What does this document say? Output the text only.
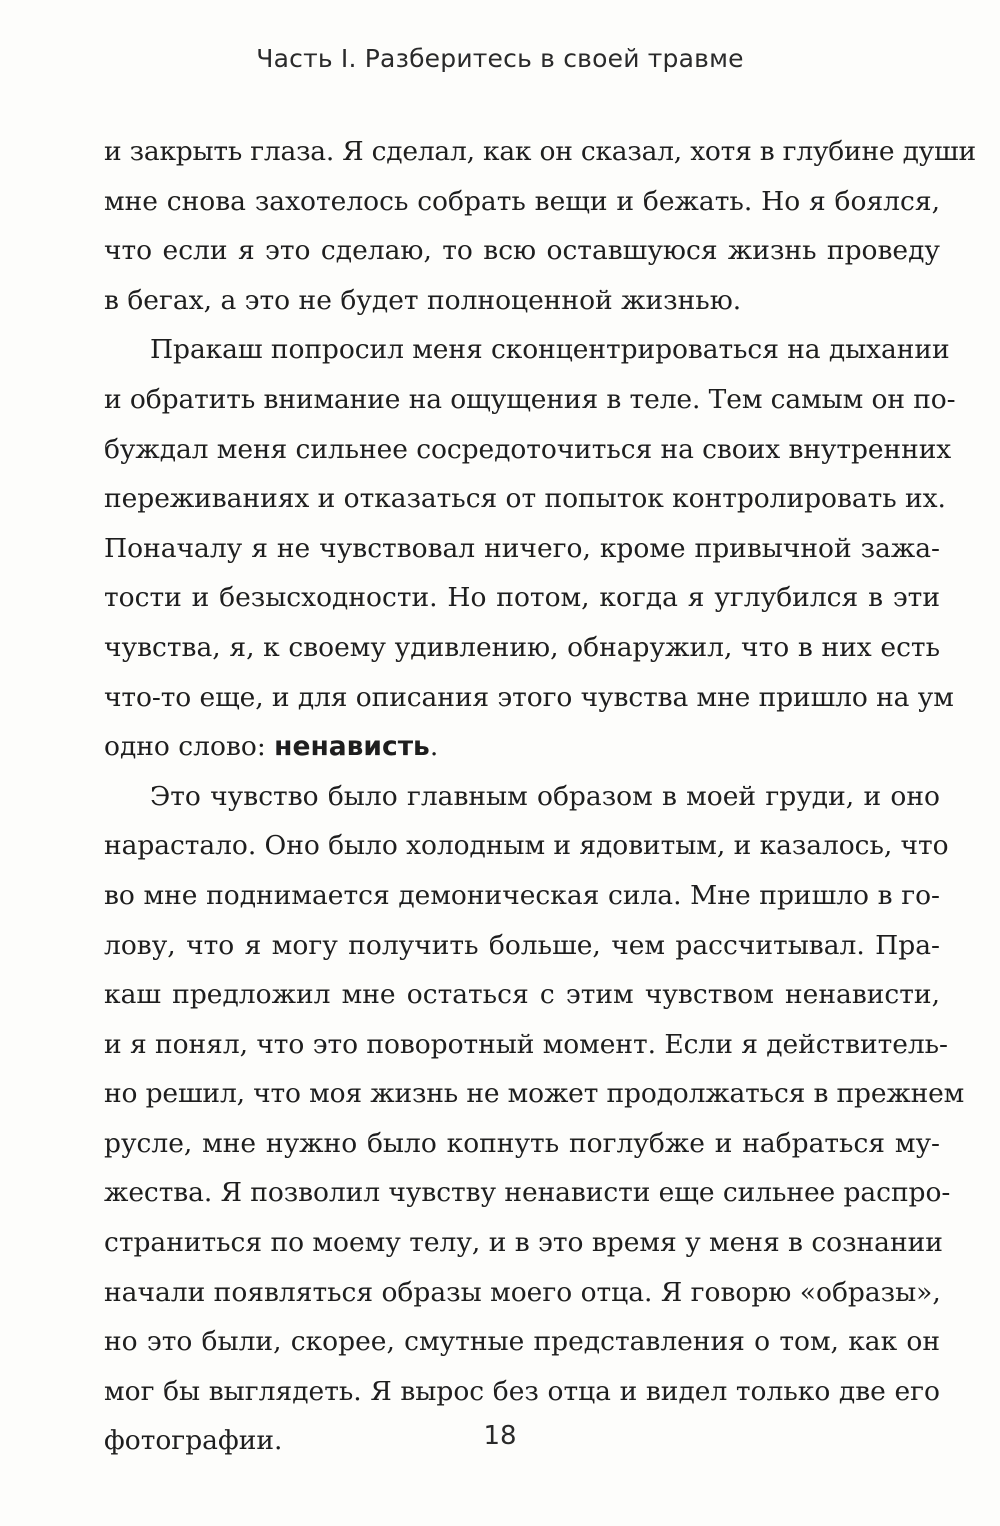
Часть I. Разберитесь в своей травме
и закрыть глаза. Я сделал, как он сказал, хотя в глубине души
мне снова захотелось собрать вещи и бежать. Но я боялся,
что если я это сделаю, то всю оставшуюся жизнь проведу
в бегах, а это не будет полноценной жизнью.
Пракаш попросил меня сконцентрироваться на дыхании
и обратить внимание на ощущения в теле. Тем самым он по-
буждал меня сильнее сосредоточиться на своих внутренних
переживаниях и отказаться от попыток контролировать их.
Поначалу я не чувствовал ничего, кроме привычной зажа-
тости и безысходности. Но потом, когда я углубился в эти
чувства, я, к своему удивлению, обнаружил, что в них есть
что-то еще, и для описания этого чувства мне пришло на ум
одно слово: ненависть.
Это чувство было главным образом в моей груди, и оно
нарастало. Оно было холодным и ядовитым, и казалось, что
во мне поднимается демоническая сила. Мне пришло в го-
лову, что я могу получить больше, чем рассчитывал. Пра-
каш предложил мне остаться с этим чувством ненависти,
и я понял, что это поворотный момент. Если я действитель-
но решил, что моя жизнь не может продолжаться в прежнем
русле, мне нужно было копнуть поглубже и набраться му-
жества. Я позволил чувству ненависти еще сильнее распро-
страниться по моему телу, и в это время у меня в сознании
начали появляться образы моего отца. Я говорю «образы»,
но это были, скорее, смутные представления о том, как он
мог бы выглядеть. Я вырос без отца и видел только две его
фотографии.	18
